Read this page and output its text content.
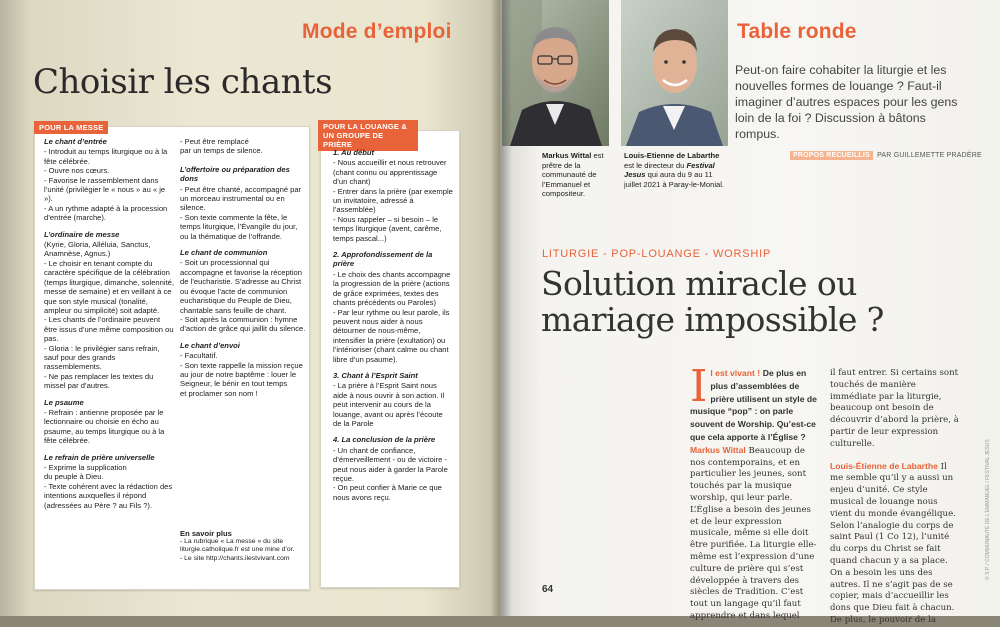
Mode d’emploi
Choisir les chants
POUR LA MESSE
Le chant d’entrée
- Introduit au temps liturgique ou à la fête célébrée.
- Ouvre nos cœurs.
- Favorise le rassemblement dans l’unité (privilégier le « nous » au « je »).
- A un rythme adapté à la procession d’entrée (marche).
L’ordinaire de messe
(Kyrie, Gloria, Alléluia, Sanctus, Anamnèse, Agnus.)
- Le choisir en tenant compte du caractère spécifique de la célébration (temps liturgique, dimanche, solennité, messe de semaine) et en veillant à ce que son style musical (tonalité, ampleur ou simplicité) soit adapté.
- Les chants de l’ordinaire peuvent être issus d’une même composition ou pas.
- Gloria : le privilégier sans refrain, sauf pour des grands rassemblements.
- Ne pas remplacer les textes du missel par d’autres.
Le psaume
- Refrain : antienne proposée par le lectionnaire ou choisie en écho au psaume, au temps liturgique ou à la fête célébrée.
Le refrain de prière universelle
- Exprime la supplication
du peuple à Dieu.
- Texte cohérent avec la rédaction des intentions auxquelles il répond (adressées au Père ? au Fils ?).
- Peut être remplacé
par un temps de silence.
L’offertoire ou préparation des dons
- Peut être chanté, accompagné par un morceau instrumental ou en silence.
- Son texte commente la fête, le temps liturgique, l’Évangile du jour, ou la thématique de l’offrande.
Le chant de communion
- Soit un processionnal qui accompagne et favorise la réception de l’eucharistie. S’adresse au Christ ou évoque l’acte de communion eucharistique du Peuple de Dieu, chantable sans feuille de chant.
- Soit après la communion : hymne d’action de grâce qui jaillit du silence.
Le chant d’envoi
- Facultatif.
- Son texte rappelle la mission reçue au jour de notre baptême : louer le Seigneur, le bénir en tout temps
et proclamer son nom !
En savoir plus
- La rubrique « La messe » du site liturgie.catholique.fr est une mine d’or.
- Le site http://chants.ilestvivant.com
POUR LA LOUANGE & UN GROUPE DE PRIÈRE
1. Au début
- Nous accueillir et nous retrouver (chant connu ou apprentissage d’un chant)
- Entrer dans la prière (par exemple un invitatoire, adressé à l’assemblée)
- Nous rappeler – si besoin – le temps liturgique (avent, carême, temps pascal...)
2. Approfondissement de la prière
- Le choix des chants accompagne la progression de la prière (actions de grâce exprimées, textes des chants précédents ou Paroles)
- Par leur rythme ou leur parole, ils peuvent nous aider à nous détourner de nous-même, intensifier la prière (exultation) ou l’intérioriser (chant calme ou chant libre d’un psaume).
3. Chant à l’Esprit Saint
- La prière à l’Esprit Saint nous aide à nous ouvrir à son action. Il peut intervenir au cours de la louange, avant ou après l’écoute de la Parole
4. La conclusion de la prière
- Un chant de confiance, d’émerveillement - ou de victoire - peut nous aider à garder la Parole reçue.
- On peut confier à Marie ce que nous avons reçu.
Markus Wittal est prêtre de la communauté de l’Emmanuel et compositeur.
Louis-Etienne de Labarthe est le directeur du Festival Jesus qui aura du 9 au 11 juillet 2021 à Paray-le-Monial.
Table ronde
Peut-on faire cohabiter la liturgie et les nouvelles formes de louange ? Faut-il imaginer d’autres espaces pour les gens loin de la foi ? Discussion à bâtons rompus.
PROPOS RECUEILLIS PAR GUILLEMETTE PRADÈRE
LITURGIE - POP-LOUANGE - WORSHIP
Solution miracle ou mariage impossible ?
I l est vivant ! De plus en plus d’assemblées de prière utilisent un style de musique “pop” : on parle souvent de Worship. Qu’est-ce que cela apporte à l’Église ? Markus Wittal Beaucoup de nos contemporains, et en particulier les jeunes, sont touchés par la musique worship, qui leur parle. L’Église a besoin des jeunes et de leur expression musicale, même si elle doit être purifiée. La liturgie elle-même est l’expression d’une culture de prière qui s’est développée à travers des siècles de Tradition. C’est tout un langage qu’il faut apprendre et dans lequel
il faut entrer. Si certains sont touchés de manière immédiate par la liturgie, beaucoup ont besoin de découvrir d’abord la prière, à partir de leur expression culturelle.
Louis-Étienne de Labarthe Il me semble qu’il y a aussi un enjeu d’unité. Ce style musical de louange nous vient du monde évangélique. Selon l’analogie du corps de saint Paul (1 Co 12), l’unité du corps du Christ se fait quand chacun y a sa place. On a besoin les uns des autres. Il ne s’agit pas de se copier, mais d’accueillir les dons que Dieu fait à chacun. De plus, le pouvoir de la
64
© S.P. / COMMUNAUTÉ DE L’EMMANUEL / FESTIVAL JESUS
